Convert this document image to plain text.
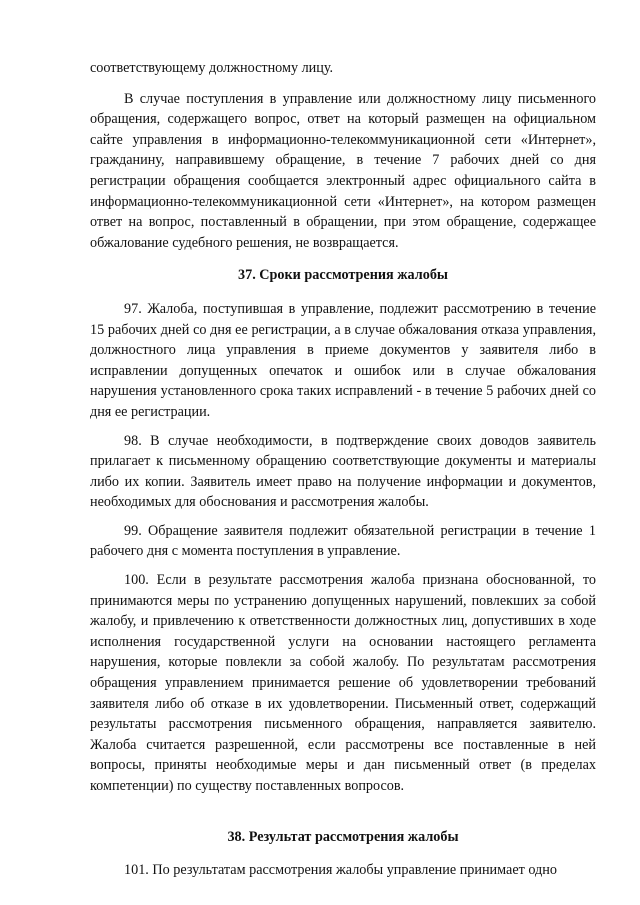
соответствующему должностному лицу.

В случае поступления в управление или должностному лицу письменного обращения, содержащего вопрос, ответ на который размещен на официальном сайте управления в информационно-телекоммуникационной сети «Интернет», гражданину, направившему обращение, в течение 7 рабочих дней со дня регистрации обращения сообщается электронный адрес официального сайта в информационно-телекоммуникационной сети «Интернет», на котором размещен ответ на вопрос, поставленный в обращении, при этом обращение, содержащее обжалование судебного решения, не возвращается.

37. Сроки рассмотрения жалобы

97. Жалоба, поступившая в управление, подлежит рассмотрению в течение 15 рабочих дней со дня ее регистрации, а в случае обжалования отказа управления, должностного лица управления в приеме документов у заявителя либо в исправлении допущенных опечаток и ошибок или в случае обжалования нарушения установленного срока таких исправлений - в течение 5 рабочих дней со дня ее регистрации.

98. В случае необходимости, в подтверждение своих доводов заявитель прилагает к письменному обращению соответствующие документы и материалы либо их копии. Заявитель имеет право на получение информации и документов, необходимых для обоснования и рассмотрения жалобы.

99. Обращение заявителя подлежит обязательной регистрации в течение 1 рабочего дня с момента поступления в управление.

100. Если в результате рассмотрения жалоба признана обоснованной, то принимаются меры по устранению допущенных нарушений, повлекших за собой жалобу, и привлечению к ответственности должностных лиц, допустивших в ходе исполнения государственной услуги на основании настоящего регламента нарушения, которые повлекли за собой жалобу. По результатам рассмотрения обращения управлением принимается решение об удовлетворении требований заявителя либо об отказе в их удовлетворении. Письменный ответ, содержащий результаты рассмотрения письменного обращения, направляется заявителю. Жалоба считается разрешенной, если рассмотрены все поставленные в ней вопросы, приняты необходимые меры и дан письменный ответ (в пределах компетенции) по существу поставленных вопросов.

38. Результат рассмотрения жалобы

101. По результатам рассмотрения жалобы управление принимает одно
